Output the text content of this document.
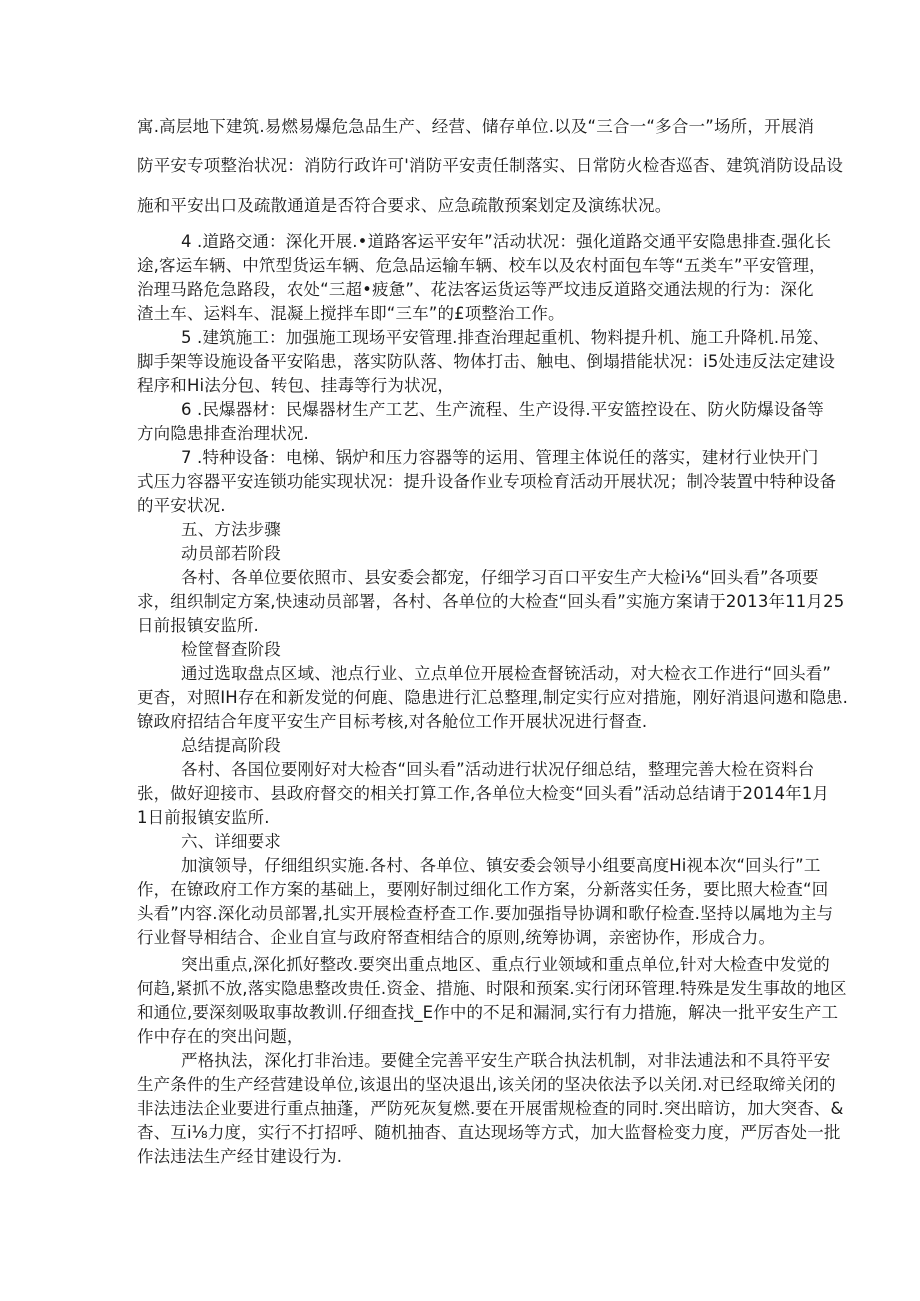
寓.高层地下建筑.易燃易爆危急品生产、经营、储存单位.以及“三合一“多合一”场所，开展消
防平安专项整治状况：消防行政许可'消防平安责任制落实、日常防火检杳巡杳、建筑消防设品设
施和平安出口及疏散通道是否符合要求、应急疏散预案划定及演练状况。
4 .道路交通：深化开展.•道路客运平安年”活动状况：强化道路交通平安隐患排查.强化长
途,客运车辆、中笊型货运车辆、危急品运输车辆、校车以及农村面包车等“五类车”平安管理，
治理马路危急路段，农处“三超•疲惫”、花法客运货运等严坟违反道路交通法规的行为：深化
渣土车、运料车、混凝上搅拌车即“三车”的£项整治工作。
5 .建筑施工：加强施工现场平安管理.排查治理起重机、物料提升机、施工升降机.吊笼、
脚手架等设施设备平安陷患，落实防队落、物体打击、触电、倒塌措能状况：i5处违反法定建设
程序和Hi法分包、转包、挂毒等行为状况，
6 .民爆器材：民爆器材生产工艺、生产流程、生产设得.平安篮控设在、防火防爆设备等
方向隐患排查治理状况.
7 .特种设备：电梯、锅炉和压力容器等的运用、管理主体说任的落实，建材行业快开门
式压力容器平安连锁功能实现状况：提升设备作业专项检育活动开展状况；制冷装置中特种设备
的平安状况.
五、方法步骤
动员部若阶段
各村、各单位要依照市、县安委会都宠，仔细学习百口平安生产大检i⅛“回头看”各项要
求，组织制定方案,快速动员部署，各村、各单位的大检查“回头看”实施方案请于2013年11月25
日前报镇安监所.
检筐督查阶段
通过选取盘点区域、池点行业、立点单位开展检查督铳活动，对大检衣工作进行“回头看”
更杳，对照IH存在和新发觉的何鹿、隐患进行汇总整理,制定实行应对措施，刚好消退问遨和隐患.
镣政府招结合年度平安生产目标考核,对各舱位工作开展状况进行督查.
总结提高阶段
各村、各国位要刚好对大检杳“回头看”活动进行状况仔细总结，整理完善大检在资料台
张，做好迎接市、县政府督交的相关打算工作,各单位大检变“回头看”活动总结请于2014年1月
1日前报镇安监所.
六、详细要求
加演领导，仔细组织实施.各村、各单位、镇安委会领导小组要高度Hi视本次“回头行”工
作，在镣政府工作方案的基础上，要刚好制过细化工作方案，分新落实任务，要比照大检查“回
头看”内容.深化动员部署,扎实开展检查杼查工作.要加强指导协调和歌仔检查.坚持以属地为主与
行业督导相结合、企业自宣与政府帑查相结合的原则,统筹协调，亲密协作，形成合力。
突出重点,深化抓好整改.要突出重点地区、重点行业领域和重点单位,针对大检查中发觉的
何趋,紧抓不放,落实隐患整改贵任.资金、措施、时限和预案.实行闭环管理.特殊是发生事故的地区
和通位,要深刻吸取事故教训.仔细查找_E作中的不足和漏洞,实行有力措施，解决一批平安生产工
作中存在的突出问题，
严格执法，深化打非治违。要健全完善平安生产联合执法机制，对非法逋法和不具符平安
生产条件的生产经营建设单位,该退出的坚决退出,该关闭的坚决依法予以关闭.对已经取缔关闭的
非法违法企业要进行重点抽蓬，严防死灰复燃.要在开展雷规检查的同时.突出暗访，加大突杳、&
杳、互i⅛力度，实行不打招呼、随机抽杳、直达现场等方式，加大监督检变力度，严厉杳处一批
作法违法生产经甘建设行为.
